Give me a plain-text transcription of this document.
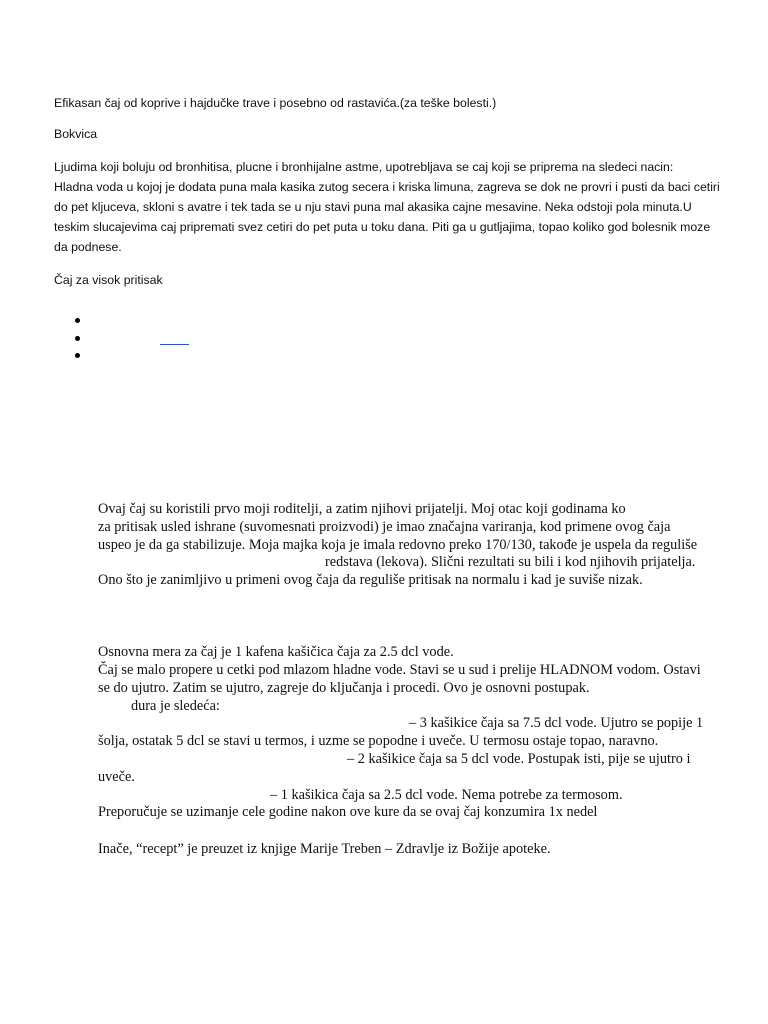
Efikasan čaj od koprive i hajdučke trave i posebno od rastavića.(za teške bolesti.)
Bokvica
Ljudima koji boluju od bronhitisa, plucne i bronhijalne astme, upotrebljava se caj koji se priprema na sledeci nacin:
Hladna voda u kojoj je dodata puna mala kasika zutog secera i kriska limuna, zagreva se dok ne provri i pusti da baci cetiri
do pet kljuceva, skloni s avatre i tek tada se u nju stavi puna mal akasika cajne mesavine. Neka odstoji pola minuta.U
teskim slucajevima caj pripremati svez cetiri do pet puta u toku dana. Piti ga u gutljajima, topao koliko god bolesnik moze
da podnese.
Čaj za visok pritisak
Ovaj čaj su koristili prvo moji roditelji, a zatim njihovi prijatelji. Moj otac koji godinama ko
za pritisak usled ishrane (suvomesnati proizvodi) je imao značajna variranja, kod primene ovog čaja
uspeo je da ga stabilizuje. Moja majka koja je imala redovno preko 170/130, takođe je uspela da reguliše
redstava (lekova). Slični rezultati su bili i kod njihovih prijatelja.
Ono što je zanimljivo u primeni ovog čaja da reguliše pritisak na normalu i kad je suviše nizak.
Osnovna mera za čaj je 1 kafena kašičica čaja za 2.5 dcl vode.
Čaj se malo propere u cetki pod mlazom hladne vode. Stavi se u sud i prelije HLADNOM vodom. Ostavi
se do ujutro. Zatim se ujutro, zagreje do ključanja i procedi. Ovo je osnovni postupak.
dura je sledeća:
– 3 kašikice čaja sa 7.5 dcl vode. Ujutro se popije 1
šolja, ostatak 5 dcl se stavi u termos, i uzme se popodne i uveče. U termosu ostaje topao, naravno.
– 2 kašikice čaja sa 5 dcl vode. Postupak isti, pije se ujutro i
uveče.
– 1 kašikica čaja sa 2.5 dcl vode. Nema potrebe za termosom.
Preporučuje se uzimanje cele godine nakon ove kure da se ovaj čaj konzumira 1x nedel
Inače, “recept” je preuzet iz knjige Marije Treben – Zdravlje iz Božije apoteke.
